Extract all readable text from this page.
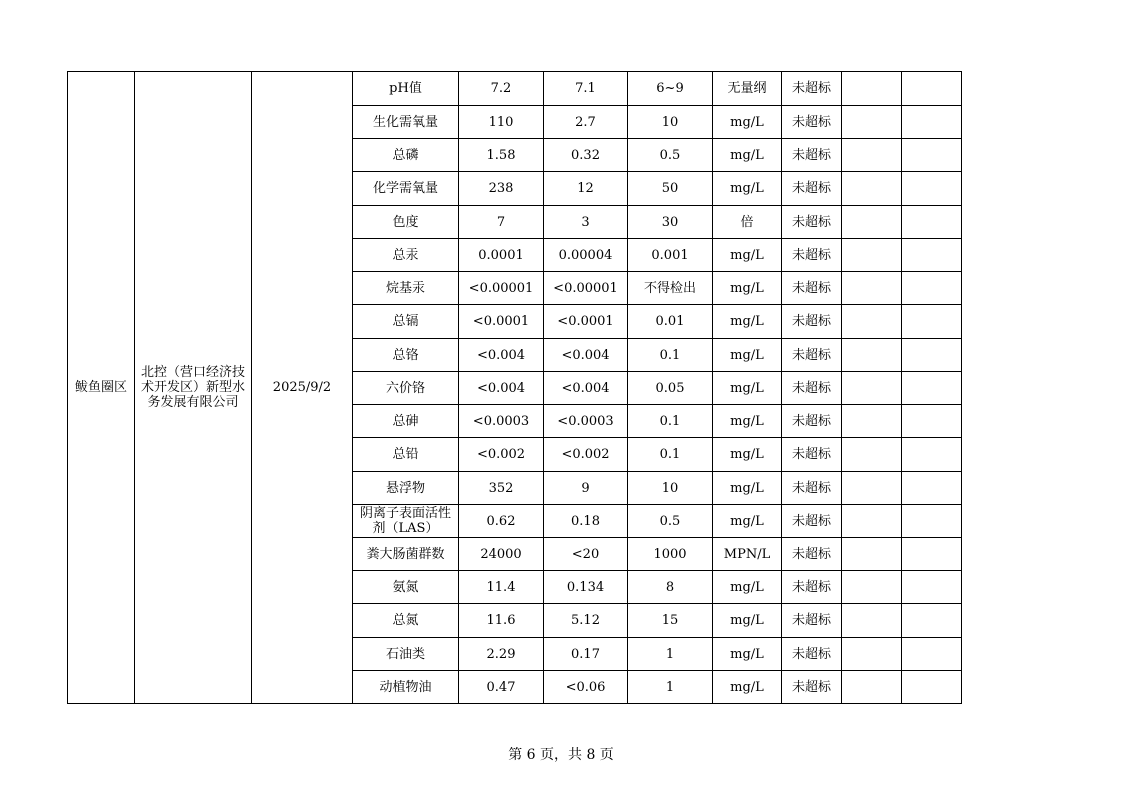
鲅鱼圈区	北控（营口经济技术开发区）新型水务发展有限公司	2025/9/2	pH值	7.2	7.1	6~9	无量纲	未超标		
			生化需氧量	110	2.7	10	mg/L	未超标		
			总磷	1.58	0.32	0.5	mg/L	未超标		
			化学需氧量	238	12	50	mg/L	未超标		
			色度	7	3	30	倍	未超标		
			总汞	0.0001	0.00004	0.001	mg/L	未超标		
			烷基汞	<0.00001	<0.00001	不得检出	mg/L	未超标		
			总镉	<0.0001	<0.0001	0.01	mg/L	未超标		
			总铬	<0.004	<0.004	0.1	mg/L	未超标		
			六价铬	<0.004	<0.004	0.05	mg/L	未超标		
			总砷	<0.0003	<0.0003	0.1	mg/L	未超标		
			总铅	<0.002	<0.002	0.1	mg/L	未超标		
			悬浮物	352	9	10	mg/L	未超标		
			阴离子表面活性剂（LAS）	0.62	0.18	0.5	mg/L	未超标		
			粪大肠菌群数	24000	<20	1000	MPN/L	未超标		
			氨氮	11.4	0.134	8	mg/L	未超标		
			总氮	11.6	5.12	15	mg/L	未超标		
			石油类	2.29	0.17	1	mg/L	未超标		
			动植物油	0.47	<0.06	1	mg/L	未超标		
第 6 页，共 8 页
